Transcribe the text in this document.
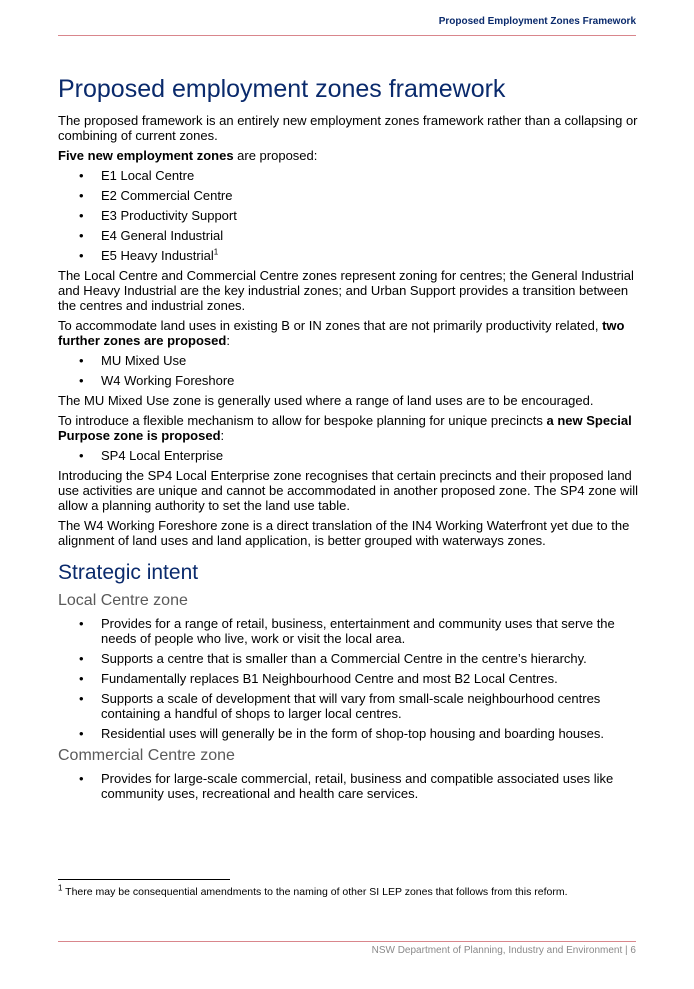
Proposed Employment Zones Framework
Proposed employment zones framework

The proposed framework is an entirely new employment zones framework rather than a collapsing or combining of current zones.

Five new employment zones are proposed:

• E1 Local Centre
• E2 Commercial Centre
• E3 Productivity Support
• E4 General Industrial
• E5 Heavy Industrial$^1$

The Local Centre and Commercial Centre zones represent zoning for centres; the General Industrial and Heavy Industrial are the key industrial zones; and Urban Support provides a transition between the centres and industrial zones.

To accommodate land uses in existing B or IN zones that are not primarily productivity related, two further zones are proposed:

• MU Mixed Use
• W4 Working Foreshore

The MU Mixed Use zone is generally used where a range of land uses are to be encouraged.

To introduce a flexible mechanism to allow for bespoke planning for unique precincts a new Special Purpose zone is proposed:

• SP4 Local Enterprise

Introducing the SP4 Local Enterprise zone recognises that certain precincts and their proposed land use activities are unique and cannot be accommodated in another proposed zone. The SP4 zone will allow a planning authority to set the land use table.

The W4 Working Foreshore zone is a direct translation of the IN4 Working Waterfront yet due to the alignment of land uses and land application, is better grouped with waterways zones.

Strategic intent
Local Centre zone
• Provides for a range of retail, business, entertainment and community uses that serve the needs of people who live, work or visit the local area.
• Supports a centre that is smaller than a Commercial Centre in the centre’s hierarchy.
• Fundamentally replaces B1 Neighbourhood Centre and most B2 Local Centres.
• Supports a scale of development that will vary from small-scale neighbourhood centres containing a handful of shops to larger local centres.
• Residential uses will generally be in the form of shop-top housing and boarding houses.
Commercial Centre zone
• Provides for large-scale commercial, retail, business and compatible associated uses like community uses, recreational and health care services.
$^1$ There may be consequential amendments to the naming of other SI LEP zones that follows from this reform.
NSW Department of Planning, Industry and Environment | 6
